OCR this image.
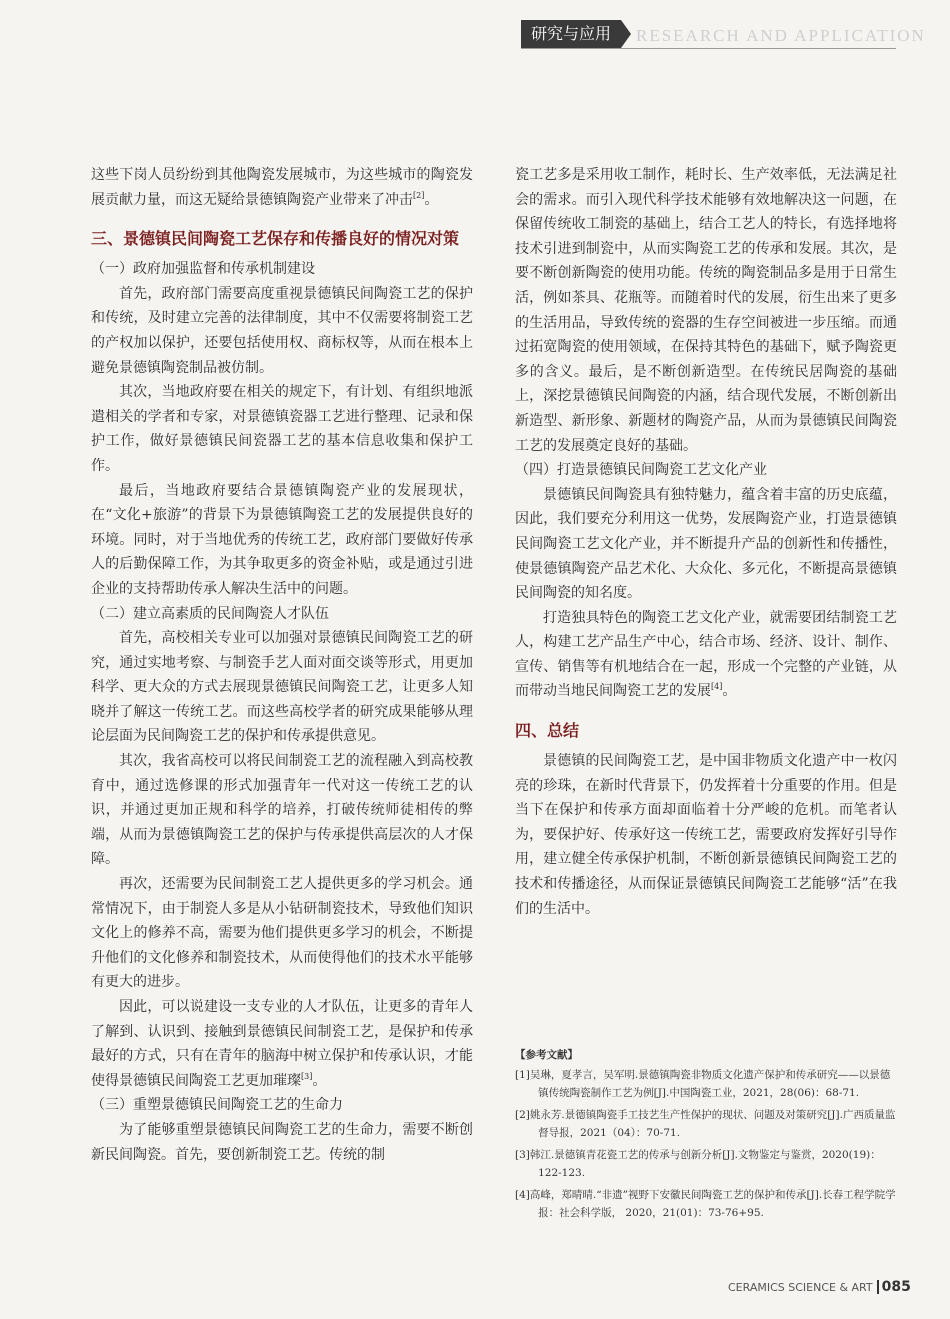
研究与应用	RESEARCH AND APPLICATION

这些下岗人员纷纷到其他陶瓷发展城市，为这些城市的陶瓷发展贡献力量，而这无疑给景德镇陶瓷产业带来了冲击[2]。

三、景德镇民间陶瓷工艺保存和传播良好的情况对策

（一）政府加强监督和传承机制建设

首先，政府部门需要高度重视景德镇民间陶瓷工艺的保护和传统，及时建立完善的法律制度，其中不仅需要将制瓷工艺的产权加以保护，还要包括使用权、商标权等，从而在根本上避免景德镇陶瓷制品被仿制。

其次，当地政府要在相关的规定下，有计划、有组织地派遣相关的学者和专家，对景德镇瓷器工艺进行整理、记录和保护工作，做好景德镇民间瓷器工艺的基本信息收集和保护工作。

最后，当地政府要结合景德镇陶瓷产业的发展现状，在“文化+旅游”的背景下为景德镇陶瓷工艺的发展提供良好的环境。同时，对于当地优秀的传统工艺，政府部门要做好传承人的后勤保障工作，为其争取更多的资金补贴，或是通过引进企业的支持帮助传承人解决生活中的问题。

（二）建立高素质的民间陶瓷人才队伍

首先，高校相关专业可以加强对景德镇民间陶瓷工艺的研究，通过实地考察、与制瓷手艺人面对面交谈等形式，用更加科学、更大众的方式去展现景德镇民间陶瓷工艺，让更多人知晓并了解这一传统工艺。而这些高校学者的研究成果能够从理论层面为民间陶瓷工艺的保护和传承提供意见。

其次，我省高校可以将民间制瓷工艺的流程融入到高校教育中，通过选修课的形式加强青年一代对这一传统工艺的认识，并通过更加正规和科学的培养，打破传统师徒相传的弊端，从而为景德镇陶瓷工艺的保护与传承提供高层次的人才保障。

再次，还需要为民间制瓷工艺人提供更多的学习机会。通常情况下，由于制瓷人多是从小钻研制瓷技术，导致他们知识文化上的修养不高，需要为他们提供更多学习的机会，不断提升他们的文化修养和制瓷技术，从而使得他们的技术水平能够有更大的进步。

因此，可以说建设一支专业的人才队伍，让更多的青年人了解到、认识到、接触到景德镇民间制瓷工艺，是保护和传承最好的方式，只有在青年的脑海中树立保护和传承认识，才能使得景德镇民间陶瓷工艺更加璀璨[3]。

（三）重塑景德镇民间陶瓷工艺的生命力

为了能够重塑景德镇民间陶瓷工艺的生命力，需要不断创新民间陶瓷。首先，要创新制瓷工艺。传统的制

瓷工艺多是采用收工制作，耗时长、生产效率低，无法满足社会的需求。而引入现代科学技术能够有效地解决这一问题，在保留传统收工制瓷的基础上，结合工艺人的特长，有选择地将技术引进到制瓷中，从而实陶瓷工艺的传承和发展。其次，是要不断创新陶瓷的使用功能。传统的陶瓷制品多是用于日常生活，例如茶具、花瓶等。而随着时代的发展，衍生出来了更多的生活用品，导致传统的瓷器的生存空间被进一步压缩。而通过拓宽陶瓷的使用领域，在保持其特色的基础下，赋予陶瓷更多的含义。最后，是不断创新造型。在传统民居陶瓷的基础上，深挖景德镇民间陶瓷的内涵，结合现代发展，不断创新出新造型、新形象、新题材的陶瓷产品，从而为景德镇民间陶瓷工艺的发展奠定良好的基础。

（四）打造景德镇民间陶瓷工艺文化产业

景德镇民间陶瓷具有独特魅力，蕴含着丰富的历史底蕴，因此，我们要充分利用这一优势，发展陶瓷产业，打造景德镇民间陶瓷工艺文化产业，并不断提升产品的创新性和传播性，使景德镇陶瓷产品艺术化、大众化、多元化，不断提高景德镇民间陶瓷的知名度。

打造独具特色的陶瓷工艺文化产业，就需要团结制瓷工艺人，构建工艺产品生产中心，结合市场、经济、设计、制作、宣传、销售等有机地结合在一起，形成一个完整的产业链，从而带动当地民间陶瓷工艺的发展[4]。

四、总结

景德镇的民间陶瓷工艺，是中国非物质文化遗产中一枚闪亮的珍珠，在新时代背景下，仍发挥着十分重要的作用。但是当下在保护和传承方面却面临着十分严峻的危机。而笔者认为，要保护好、传承好这一传统工艺，需要政府发挥好引导作用，建立健全传承保护机制，不断创新景德镇民间陶瓷工艺的技术和传播途径，从而保证景德镇民间陶瓷工艺能够“活”在我们的生活中。

【参考文献】

[1]吴琳，夏孝言，吴军明.景德镇陶瓷非物质文化遗产保护和传承研究——以景德镇传统陶瓷制作工艺为例[J].中国陶瓷工业，2021，28(06)：68-71.

[2]姚永芳.景德镇陶瓷手工技艺生产性保护的现状、问题及对策研究[J].广西质量监督导报，2021（04）：70-71.

[3]韩江.景德镇青花瓷工艺的传承与创新分析[J].文物鉴定与鉴赏，2020(19)：122-123.

[4]高峰，郑晴晴.“非遗”视野下安徽民间陶瓷工艺的保护和传承[J].长春工程学院学报：社会科学版， 2020，21(01)：73-76+95.

CERAMICS SCIENCE & ART 085
